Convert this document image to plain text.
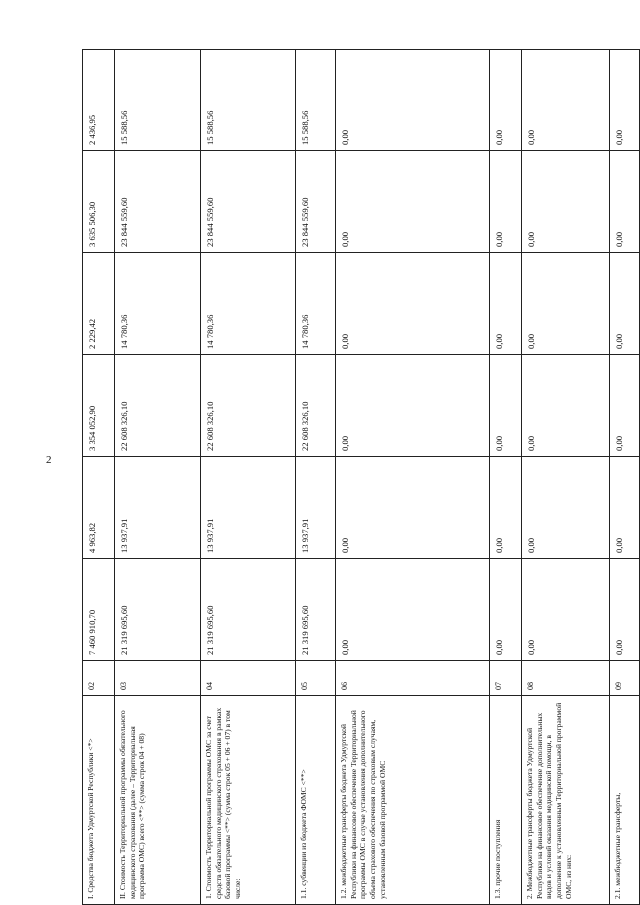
2
I. Средства бюджета Удмуртской Республики <*>	02	7 460 910,70	4 963,82	3 354 052,90	2 229,42	3 635 506,30	2 436,95
II. Стоимость Территориальной программы обязательного медицинского страхования (далее – Территориальная программа ОМС) всего <**> (сумма строк 04 + 08)	03	21 319 695,60	13 937,91	22 608 326,10	14 780,36	23 844 559,60	15 588,56
1. Стоимость Территориальной программы ОМС за счет средств обязательного медицинского страхования в рамках базовой программы <**> (сумма строк 05 + 06 + 07) в том числе:	04	21 319 695,60	13 937,91	22 608 326,10	14 780,36	23 844 559,60	15 588,56
1.1. субвенции из бюджета ФОМС <**>	05	21 319 695,60	13 937,91	22 608 326,10	14 780,36	23 844 559,60	15 588,56
1.2. межбюджетные трансферты бюджета Удмуртской Республики на финансовое обеспечение Территориальной программы ОМС в случае установления дополнительного объема страхового обеспечения по страховым случаям, установленным базовой программой ОМС	06	0,00	0,00	0,00	0,00	0,00	0,00
1.3. прочие поступления	07	0,00	0,00	0,00	0,00	0,00	0,00
2. Межбюджетные трансферты бюджета Удмуртской Республики на финансовое обеспечение дополнительных видов и условий оказания медицинской помощи, в дополнение к установленным Территориальной программой ОМС, из них:	08	0,00	0,00	0,00	0,00	0,00	0,00
2.1. межбюджетные трансферты,	09	0,00	0,00	0,00	0,00	0,00	0,00
